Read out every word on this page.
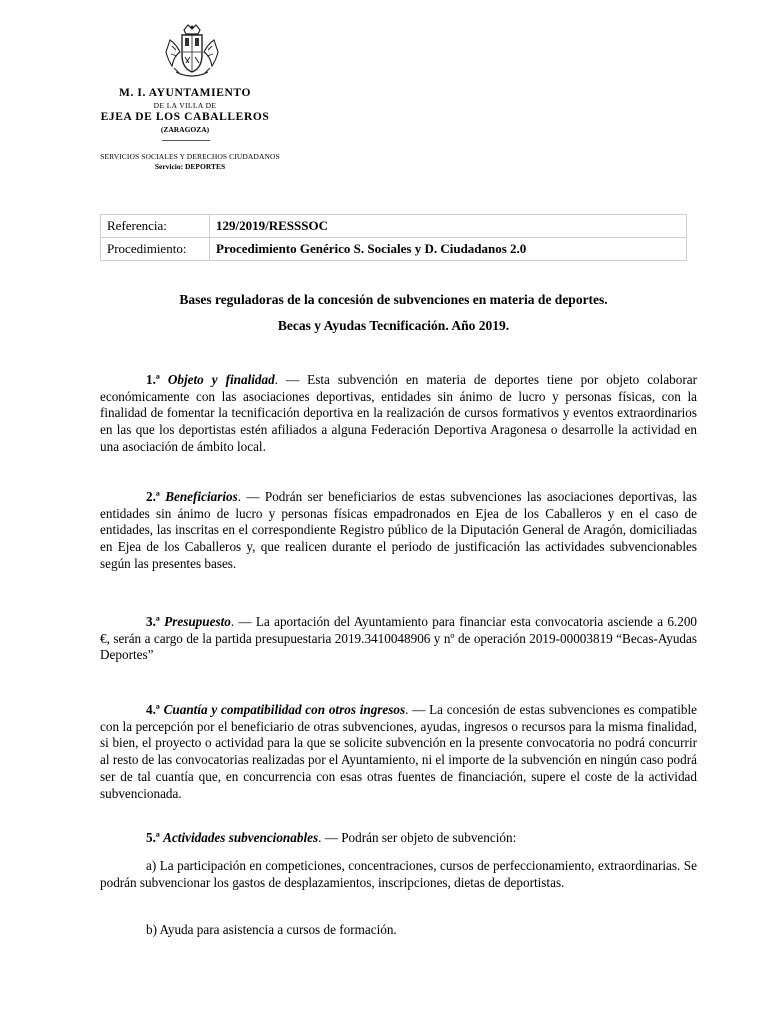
M. I. AYUNTAMIENTO
DE LA VILLA DE
EJEA DE LOS CABALLEROS
(ZARAGOZA)
SERVICIOS SOCIALES Y DERECHOS CIUDADANOS
Servicio: DEPORTES
Referencia:	129/2019/RESSSOC
Procedimiento:	Procedimiento Genérico S. Sociales y D. Ciudadanos 2.0
Bases reguladoras de la concesión de subvenciones en materia de deportes.
Becas y Ayudas Tecnificación. Año 2019.
1.ª Objeto y finalidad. — Esta subvención en materia de deportes tiene por objeto colaborar económicamente con las asociaciones deportivas, entidades sin ánimo de lucro y personas físicas, con la finalidad de fomentar la tecnificación deportiva en la realización de cursos formativos y eventos extraordinarios en las que los deportistas estén afiliados a alguna Federación Deportiva Aragonesa o desarrolle la actividad en una asociación de ámbito local.
2.ª Beneficiarios. — Podrán ser beneficiarios de estas subvenciones las asociaciones deportivas, las entidades sin ánimo de lucro y personas físicas empadronados en Ejea de los Caballeros y en el caso de entidades, las inscritas en el correspondiente Registro público de la Diputación General de Aragón, domiciliadas en Ejea de los Caballeros y, que realicen durante el periodo de justificación las actividades subvencionables según las presentes bases.
3.ª Presupuesto. — La aportación del Ayuntamiento para financiar esta convocatoria asciende a 6.200 €, serán a cargo de la partida presupuestaria 2019.3410048906 y nº de operación 2019-00003819 “Becas-Ayudas Deportes”
4.ª Cuantía y compatibilidad con otros ingresos. — La concesión de estas subvenciones es compatible con la percepción por el beneficiario de otras subvenciones, ayudas, ingresos o recursos para la misma finalidad, si bien, el proyecto o actividad para la que se solicite subvención en la presente convocatoria no podrá concurrir al resto de las convocatorias realizadas por el Ayuntamiento, ni el importe de la subvención en ningún caso podrá ser de tal cuantía que, en concurrencia con esas otras fuentes de financiación, supere el coste de la actividad subvencionada.
5.ª Actividades subvencionables. — Podrán ser objeto de subvención:
a) La participación en competiciones, concentraciones, cursos de perfeccionamiento, extraordinarias. Se podrán subvencionar los gastos de desplazamientos, inscripciones, dietas de deportistas.
b) Ayuda para asistencia a cursos de formación.
